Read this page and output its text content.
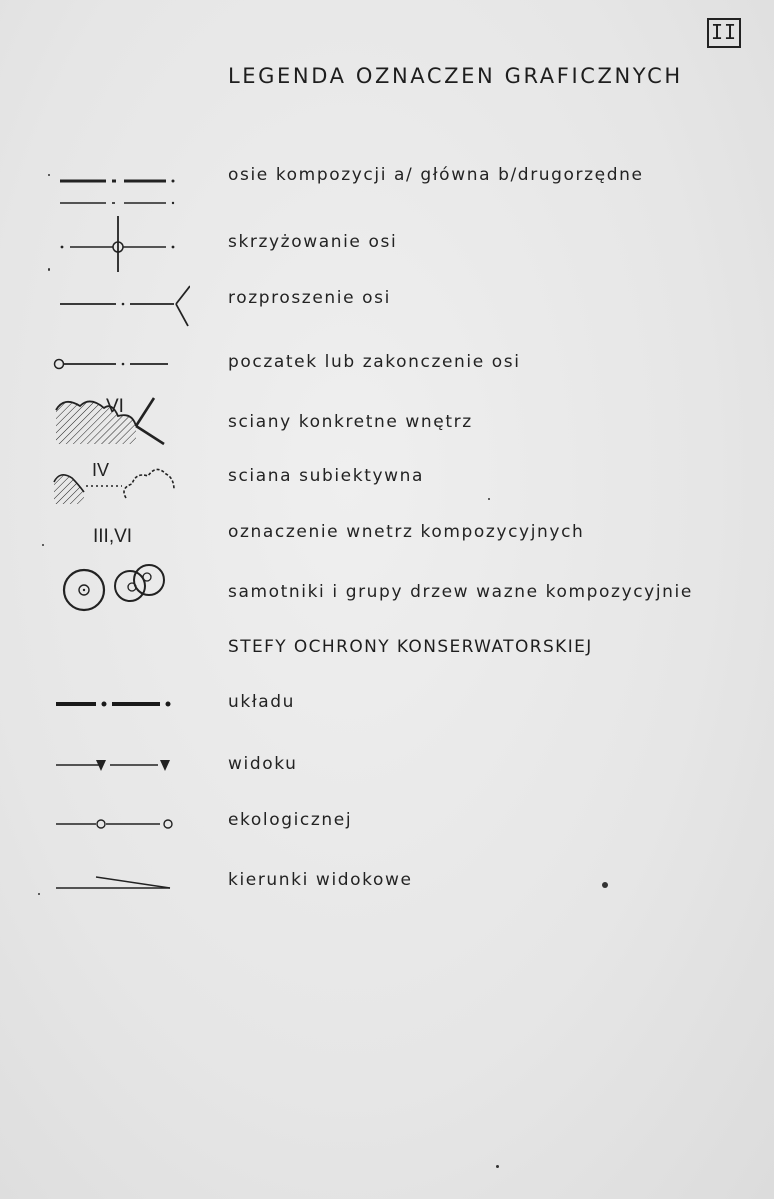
II
LEGENDA OZNACZEN GRAFICZNYCH
osie kompozycji a/ główna b/drugorzędne
skrzyżowanie osi
rozproszenie osi
poczatek lub zakonczenie osi
VI
sciany konkretne wnętrz
IV	sciana subiektywna
III,VI	oznaczenie wnetrz kompozycyjnych
samotniki i grupy drzew wazne kompozycyjnie
STEFY OCHRONY KONSERWATORSKIEJ
układu
widoku
ekologicznej
kierunki widokowe
